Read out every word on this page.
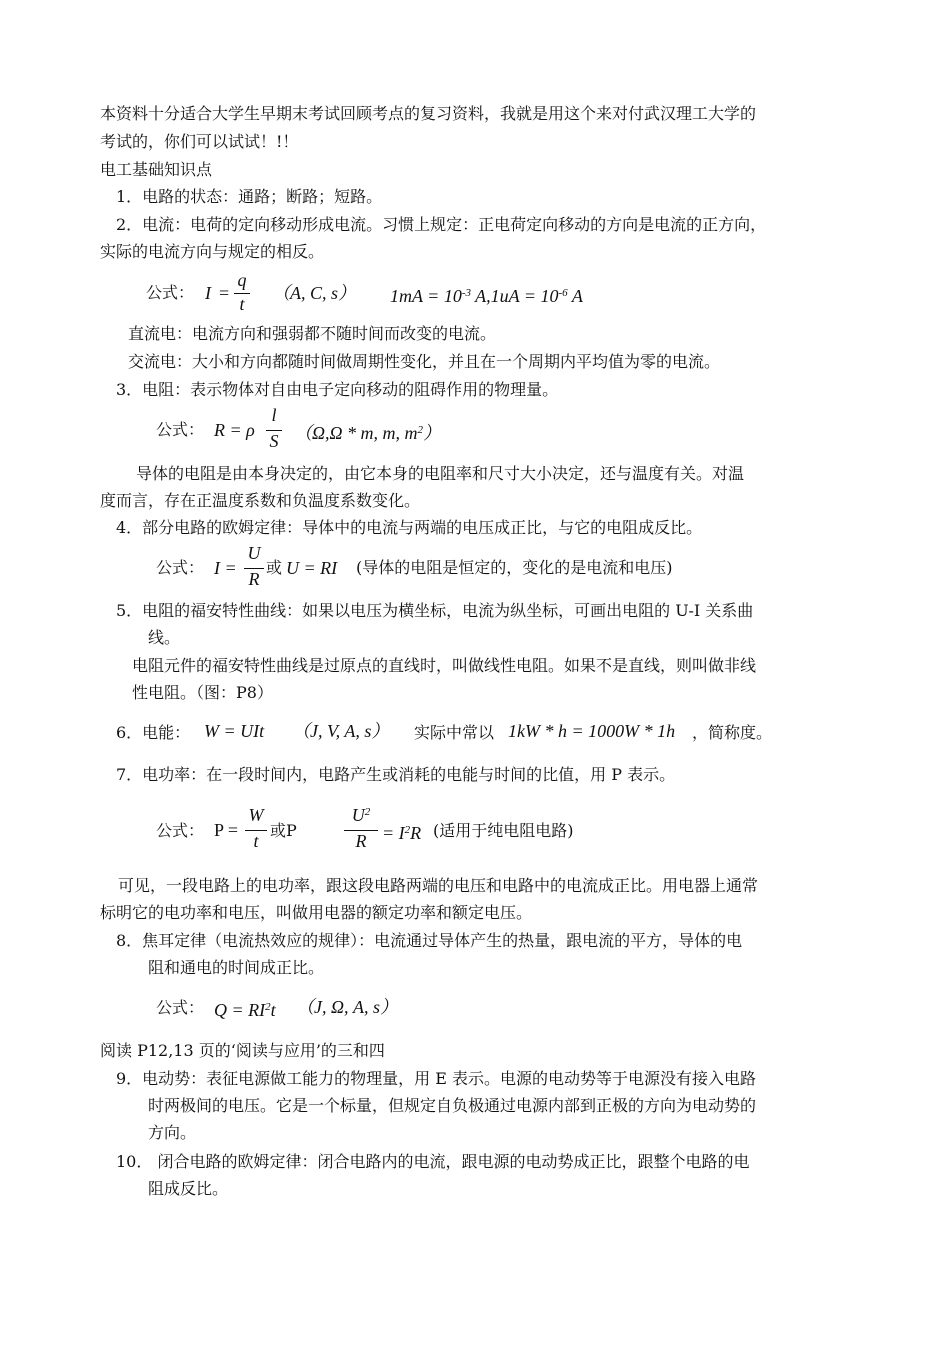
本资料十分适合大学生早期末考试回顾考点的复习资料，我就是用这个来对付武汉理工大学的
考试的，你们可以试试！!！
电工基础知识点
1．电路的状态：通路；断路；短路。
2．电流：电荷的定向移动形成电流。习惯上规定：正电荷定向移动的方向是电流的正方向，
实际的电流方向与规定的相反。
公式： I =
q
t
（A, C, s） $1mA = 10^{-3}$ $A,1uA = 10^{-6}$ A
直流电：电流方向和强弱都不随时间而改变的电流。
交流电：大小和方向都随时间做周期性变化，并且在一个周期内平均值为零的电流。
3．电阻：表示物体对自由电子定向移动的阻碍作用的物理量。
公式： R = ρ
l
S （Ω,Ω * m, m, $m^2$）
导体的电阻是由本身决定的，由它本身的电阻率和尺寸大小决定，还与温度有关。对温
度而言，存在正温度系数和负温度系数变化。
4．部分电路的欧姆定律：导体中的电流与两端的电压成正比，与它的电阻成反比。
公式： I =
U
R
或 U = RI (导体的电阻是恒定的，变化的是电流和电压)
5．电阻的福安特性曲线：如果以电压为横坐标，电流为纵坐标，可画出电阻的 U-I 关系曲
线。
电阻元件的福安特性曲线是过原点的直线时，叫做线性电阻。如果不是直线，则叫做非线
性电阻。（图：P8）
6．电能： W = UIt （J, V, A, s） 实际中常以 1kW * h = 1000W * 1h ，简称度。
7．电功率：在一段时间内，电路产生或消耗的电能与时间的比值，用 P 表示。
公式： P =
W
t
或P
$U^2$
$R = I^2R$ (适用于纯电阻电路)
可见，一段电路上的电功率，跟这段电路两端的电压和电路中的电流成正比。用电器上通常
标明它的电功率和电压，叫做用电器的额定功率和额定电压。
8．焦耳定律（电流热效应的规律）：电流通过导体产生的热量，跟电流的平方，导体的电
阻和通电的时间成正比。
公式： $Q = RI^2t$ （J, Ω, A, s）
阅读 P12,13 页的‘阅读与应用’的三和四
9．电动势：表征电源做工能力的物理量，用 E 表示。电源的电动势等于电源没有接入电路
时两极间的电压。它是一个标量，但规定自负极通过电源内部到正极的方向为电动势的
方向。
10． 闭合电路的欧姆定律：闭合电路内的电流，跟电源的电动势成正比，跟整个电路的电
阻成反比。
